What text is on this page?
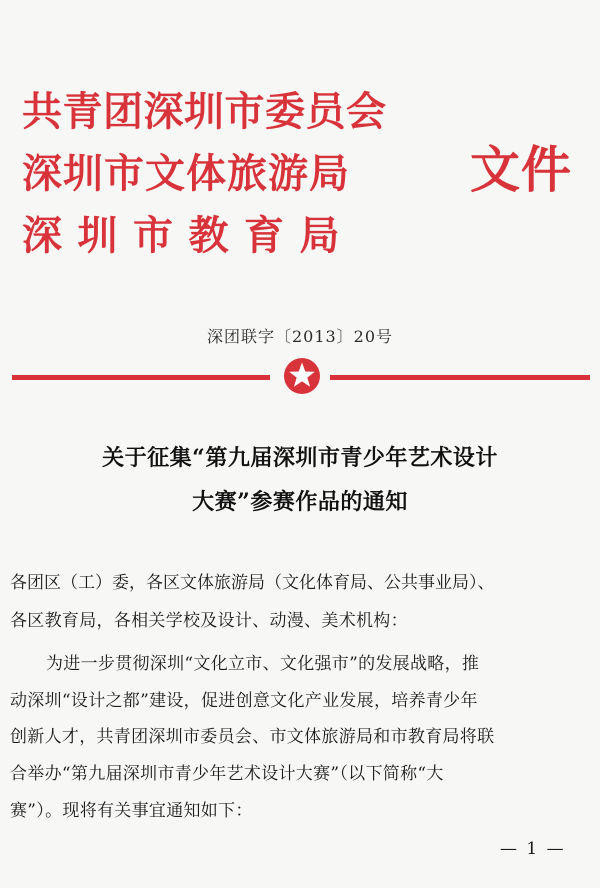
共青团深圳市委员会
深圳市文体旅游局
深圳市教育局
文件
深团联字〔2013〕20号
关于征集“第九届深圳市青少年艺术设计
大赛”参赛作品的通知
各团区（工）委，各区文体旅游局（文化体育局、公共事业局）、
各区教育局，各相关学校及设计、动漫、美术机构：
为进一步贯彻深圳“文化立市、文化强市”的发展战略，推
动深圳“设计之都”建设，促进创意文化产业发展，培养青少年
创新人才，共青团深圳市委员会、市文体旅游局和市教育局将联
合举办“第九届深圳市青少年艺术设计大赛”（以下简称“大
赛”）。现将有关事宜通知如下：
— 1 —
